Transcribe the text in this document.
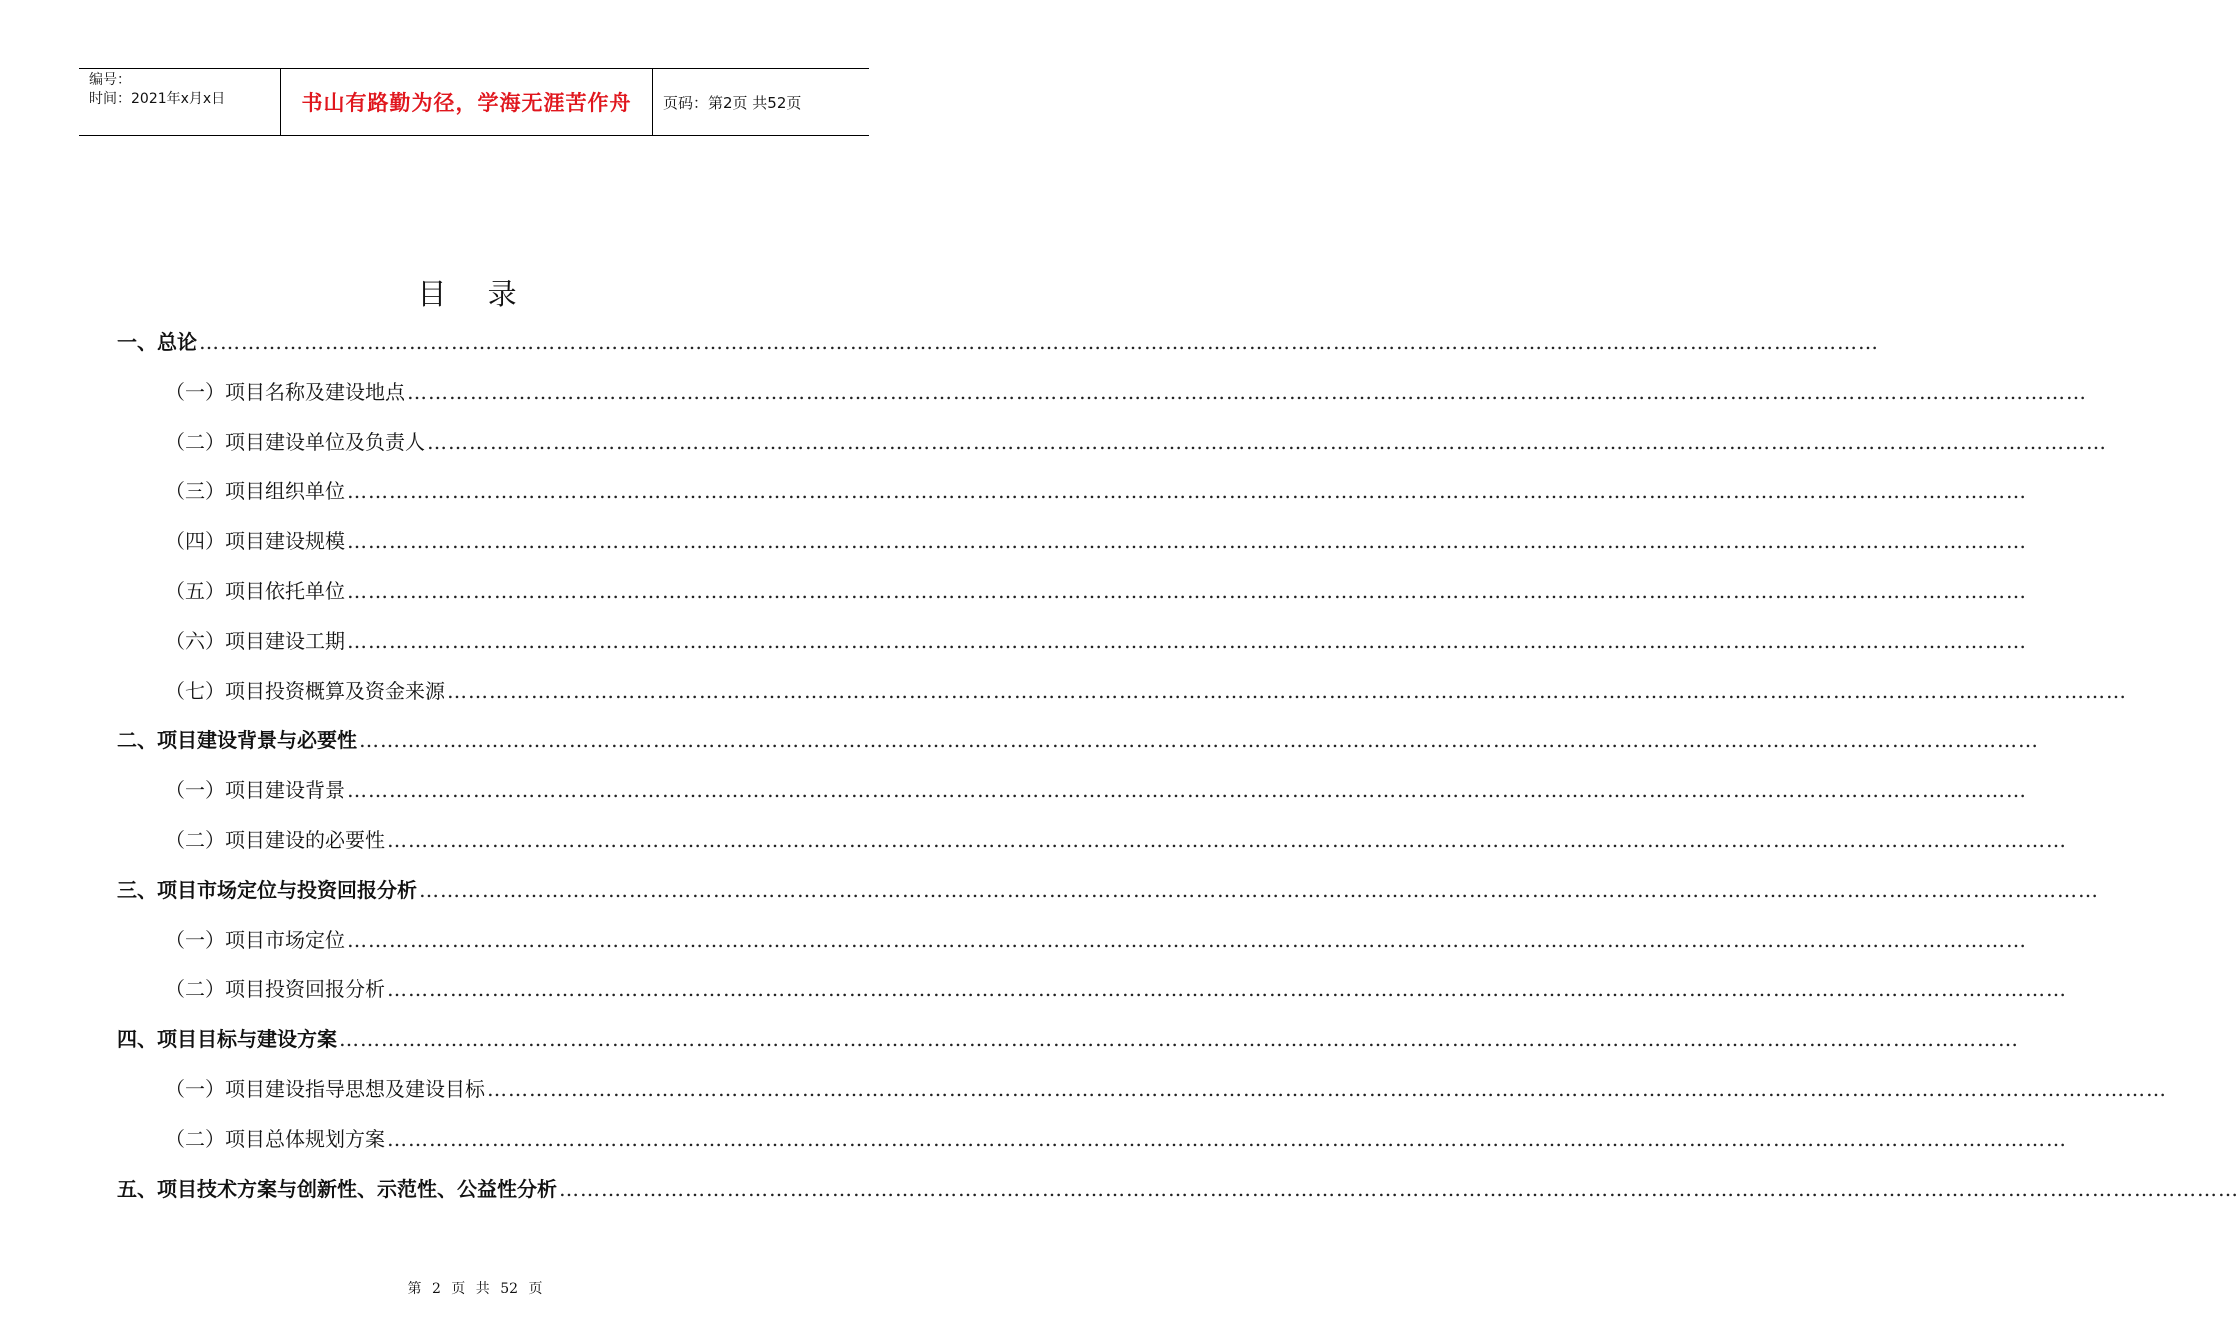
编号：
时间：2021年x月x日	书山有路勤为径，学海无涯苦作舟 页码：第2页 共52页
目 录
一、总论 ……………………………………………………………………………………………………………………………………………………………………………………………………………………
（一）项目名称及建设地点 ……………………………………………………………………………………………………………………………………………………………………………………………………………………
（二）项目建设单位及负责人 ……………………………………………………………………………………………………………………………………………………………………………………………………………………
（三）项目组织单位 ……………………………………………………………………………………………………………………………………………………………………………………………………………………
（四）项目建设规模 ……………………………………………………………………………………………………………………………………………………………………………………………………………………
（五）项目依托单位 ……………………………………………………………………………………………………………………………………………………………………………………………………………………
（六）项目建设工期 ……………………………………………………………………………………………………………………………………………………………………………………………………………………
（七）项目投资概算及资金来源 ……………………………………………………………………………………………………………………………………………………………………………………………………………………
二、项目建设背景与必要性 ……………………………………………………………………………………………………………………………………………………………………………………………………………………
（一）项目建设背景 ……………………………………………………………………………………………………………………………………………………………………………………………………………………
（二）项目建设的必要性 ……………………………………………………………………………………………………………………………………………………………………………………………………………………
三、项目市场定位与投资回报分析 ……………………………………………………………………………………………………………………………………………………………………………………………………………………
（一）项目市场定位 ……………………………………………………………………………………………………………………………………………………………………………………………………………………
（二）项目投资回报分析 ……………………………………………………………………………………………………………………………………………………………………………………………………………………
四、项目目标与建设方案 ……………………………………………………………………………………………………………………………………………………………………………………………………………………
（一）项目建设指导思想及建设目标 ……………………………………………………………………………………………………………………………………………………………………………………………………………………
（二）项目总体规划方案 ……………………………………………………………………………………………………………………………………………………………………………………………………………………
五、项目技术方案与创新性、示范性、公益性分析 ……………………………………………………………………………………………………………………………………………………………………………………………………………………
第 2 页 共 52 页
